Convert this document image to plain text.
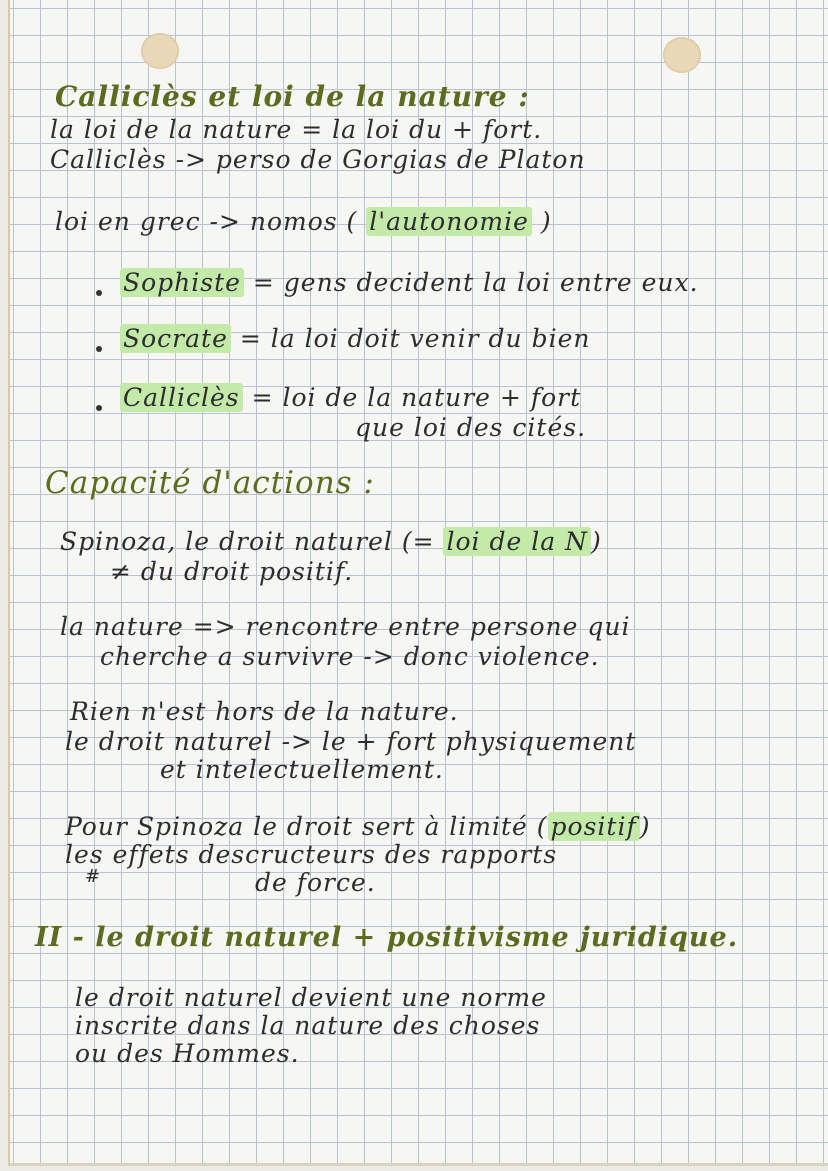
Calliclès et loi de la nature :
la loi de la nature = la loi du + fort.
Calliclès -> perso de Gorgias de Platon
loi en grec -> nomos ( l'autonomie )
Sophiste = gens decident la loi entre eux.
Socrate = la loi doit venir du bien
Calliclès = loi de la nature + fort
que loi des cités.
Capacité d'actions :
Spinoza, le droit naturel (= loi de la N )
≠ du droit positif.
la nature => rencontre entre persone qui
cherche a survivre -> donc violence.
Rien n'est hors de la nature.
le droit naturel -> le + fort physiquement
et intelectuellement.
Pour Spinoza le droit sert à limité ( positif )
les effets descructeurs des rapports
#	de force.
II - le droit naturel + positivisme juridique.
le droit naturel devient une norme
inscrite dans la nature des choses
ou des Hommes.
